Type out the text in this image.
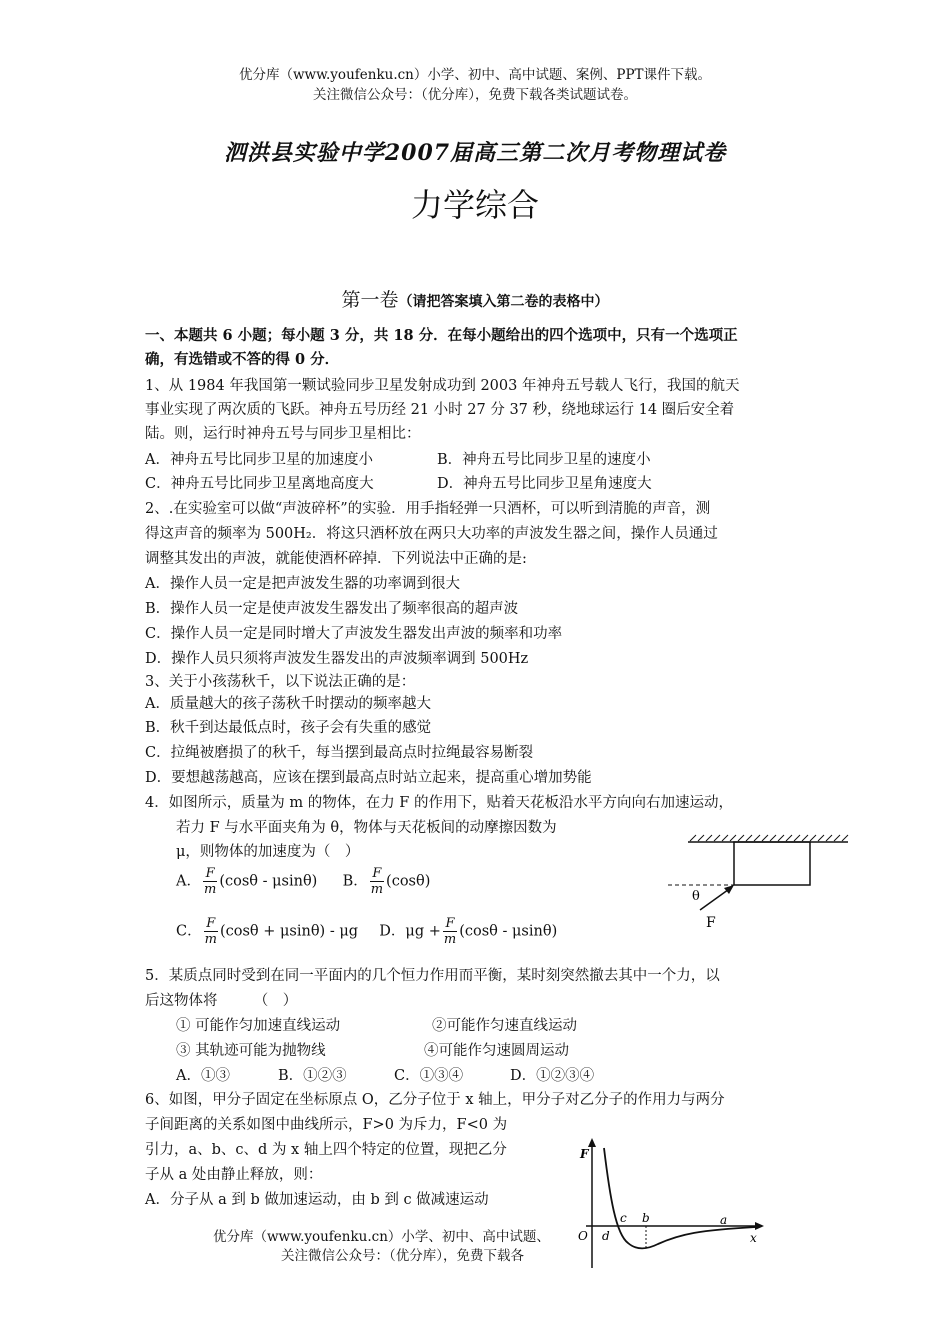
优分库（www.youfenku.cn）小学、初中、高中试题、案例、PPT课件下载。
关注微信公众号：（优分库），免费下载各类试题试卷。
泗洪县实验中学2007届高三第二次月考物理试卷
力学综合
第一卷（请把答案填入第二卷的表格中）
一、本题共 6 小题；每小题 3 分，共 18 分．在每小题给出的四个选项中，只有一个选项正
确，有选错或不答的得 0 分．
1、从 1984 年我国第一颗试验同步卫星发射成功到 2003 年神舟五号载人飞行，我国的航天
事业实现了两次质的飞跃。神舟五号历经 21 小时 27 分 37 秒，绕地球运行 14 圈后安全着
陆。则，运行时神舟五号与同步卫星相比：
A．神舟五号比同步卫星的加速度小	B．神舟五号比同步卫星的速度小
C．神舟五号比同步卫星离地高度大	D．神舟五号比同步卫星角速度大
2、.在实验室可以做“声波碎杯”的实验．用手指轻弹一只酒杯，可以听到清脆的声音，测
得这声音的频率为 500H₂．将这只酒杯放在两只大功率的声波发生器之间，操作人员通过
调整其发出的声波，就能使酒杯碎掉．下列说法中正确的是:
A．操作人员一定是把声波发生器的功率调到很大
B．操作人员一定是使声波发生器发出了频率很高的超声波
C．操作人员一定是同时增大了声波发生器发出声波的频率和功率
D．操作人员只须将声波发生器发出的声波频率调到 500Hz
3、关于小孩荡秋千，以下说法正确的是：
A．质量越大的孩子荡秋千时摆动的频率越大
B．秋千到达最低点时，孩子会有失重的感觉
C．拉绳被磨损了的秋千，每当摆到最高点时拉绳最容易断裂
D．要想越荡越高，应该在摆到最高点时站立起来，提高重心增加势能
4．如图所示，质量为 m 的物体，在力 F 的作用下，贴着天花板沿水平方向向右加速运动，
若力 F 与水平面夹角为 θ，物体与天花板间的动摩擦因数为
μ，则物体的加速度为（　）
A． $\frac{F}{m} (\cos\theta - \mu\sin\theta)$ B． $\frac{F}{m} (\cos\theta)$
C． $\frac{F}{m} (\cos\theta + \mu\sin\theta) - \mu g$ D．$\mu g + \frac{F}{m} (\cos\theta - \mu\sin\theta)$
θ
F
5．某质点同时受到在同一平面内的几个恒力作用而平衡，某时刻突然撤去其中一个力，以
后这物体将　　　（　）
① 可能作匀加速直线运动	②可能作匀速直线运动
③ 其轨迹可能为抛物线	④可能作匀速圆周运动
A．①③	B．①②③	C．①③④	D．①②③④
6、如图，甲分子固定在坐标原点 O，乙分子位于 x 轴上，甲分子对乙分子的作用力与两分
子间距离的关系如图中曲线所示，F>0 为斥力，F<0 为
引力，a、b、c、d 为 x 轴上四个特定的位置，现把乙分
子从 a 处由静止释放，则：
A．分子从 a 到 b 做加速运动，由 b 到 c 做减速运动
F
O	x
c b	a
d
优分库（www.youfenku.cn）小学、初中、高中试题、
关注微信公众号：（优分库），免费下载各
